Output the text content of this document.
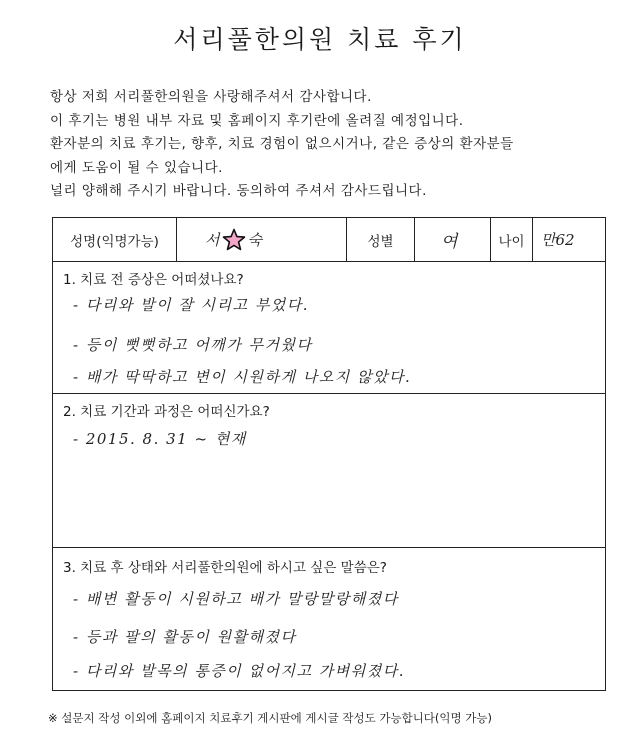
서리풀한의원 치료 후기
항상 저희 서리풀한의원을 사랑해주셔서 감사합니다.
이 후기는 병원 내부 자료 및 홈페이지 후기란에 올려질 예정입니다.
환자분의 치료 후기는, 향후, 치료 경험이 없으시거나, 같은 증상의 환자분들
에게 도움이 될 수 있습니다.
널리 양해해 주시기 바랍니다. 동의하여 주셔서 감사드립니다.
성명(익명가능)	서 숙	성별	여	나이	만62
1. 치료 전 증상은 어떠셨나요?
- 다리와 발이 잘 시리고 부었다.
- 등이 뻣뻣하고 어깨가 무거웠다
- 배가 딱딱하고 변이 시원하게 나오지 않았다.
2. 치료 기간과 과정은 어떠신가요?
- 2015. 8. 31 ~ 현재
3. 치료 후 상태와 서리풀한의원에 하시고 싶은 말씀은?
- 배변 활동이 시원하고 배가 말랑말랑해졌다
- 등과 팔의 활동이 원활해졌다
- 다리와 발목의 통증이 없어지고 가벼워졌다.
※ 설문지 작성 이외에 홈페이지 치료후기 게시판에 게시글 작성도 가능합니다(익명 가능)
